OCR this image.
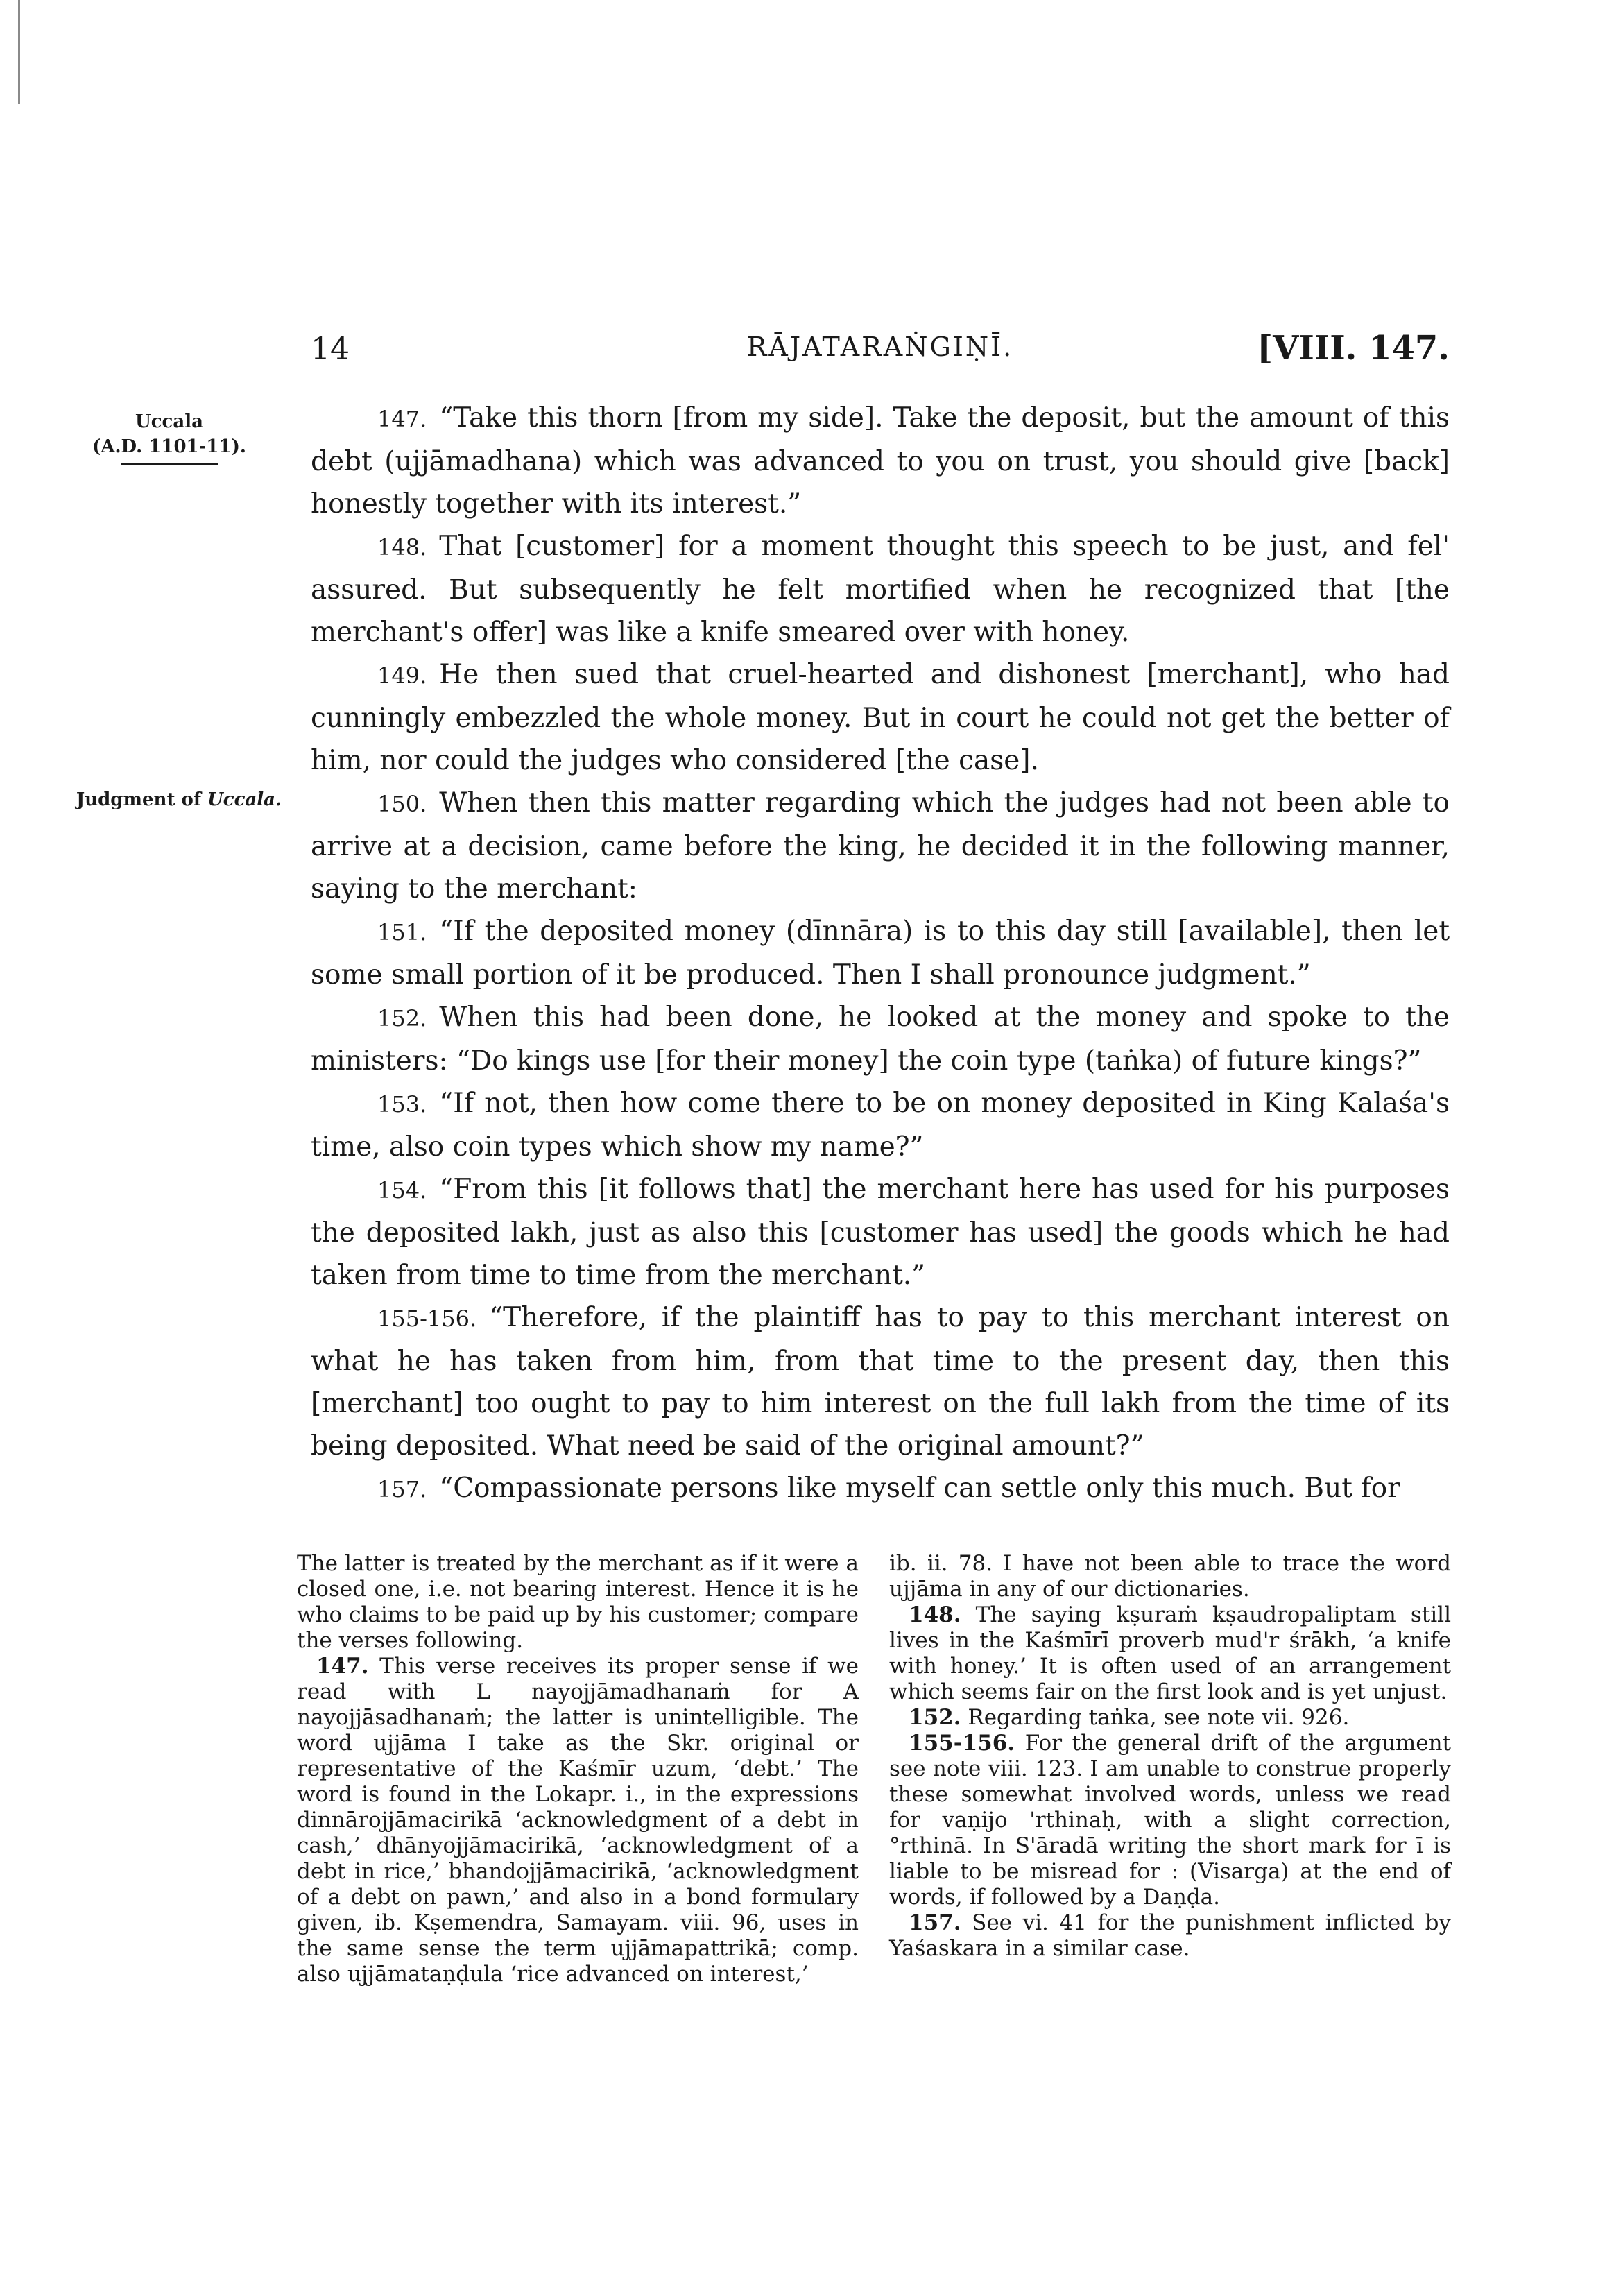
14	RĀJATARAṄGIṆĪ.	[VIII. 147.
Uccala
(A.D. 1101-11).
Judgment of Uccala.

147. “Take this thorn [from my side]. Take the deposit, but the amount of this debt (ujjāmadhana) which was advanced to you on trust, you should give [back] honestly together with its interest.”

148. That [customer] for a moment thought this speech to be just, and fel' assured. But subsequently he felt mortified when he recognized that [the merchant's offer] was like a knife smeared over with honey.

149. He then sued that cruel-hearted and dishonest [merchant], who had cunningly embezzled the whole money. But in court he could not get the better of him, nor could the judges who considered [the case].

150. When then this matter regarding which the judges had not been able to arrive at a decision, came before the king, he decided it in the following manner, saying to the merchant:

151. “If the deposited money (dīnnāra) is to this day still [available], then let some small portion of it be produced. Then I shall pronounce judgment.”

152. When this had been done, he looked at the money and spoke to the ministers: “Do kings use [for their money] the coin type (taṅka) of future kings?”

153. “If not, then how come there to be on money deposited in King Kalaśa's time, also coin types which show my name?”

154. “From this [it follows that] the merchant here has used for his purposes the deposited lakh, just as also this [customer has used] the goods which he had taken from time to time from the merchant.”

155-156. “Therefore, if the plaintiff has to pay to this merchant interest on what he has taken from him, from that time to the present day, then this [merchant] too ought to pay to him interest on the full lakh from the time of its being deposited. What need be said of the original amount?”

157. “Compassionate persons like myself can settle only this much. But for

The latter is treated by the merchant as if it were a closed one, i.e. not bearing interest. Hence it is he who claims to be paid up by his customer; compare the verses following.

147. This verse receives its proper sense if we read with L nayojjāmadhanaṁ for A nayojjāsadhanaṁ; the latter is unintelligible. The word ujjāma I take as the Skr. original or representative of the Kaśmīr uzum, ‘debt.’ The word is found in the Lokapr. i., in the expressions dinnārojjāmacirikā ‘acknowledgment of a debt in cash,’ dhānyojjāmacirikā, ‘acknowledgment of a debt in rice,’ bhandojjāmacirikā, ‘acknowledgment of a debt on pawn,’ and also in a bond formulary given, ib. Kṣemendra, Samayam. viii. 96, uses in the same sense the term ujjāmapattrikā; comp. also ujjāmataṇḍula ‘rice advanced on interest,’

ib. ii. 78. I have not been able to trace the word ujjāma in any of our dictionaries.

148. The saying kṣuraṁ kṣaudropaliptam still lives in the Kaśmīrī proverb mud'r śrākh, ‘a knife with honey.’ It is often used of an arrangement which seems fair on the first look and is yet unjust.

152. Regarding taṅka, see note vii. 926.

155-156. For the general drift of the argument see note viii. 123. I am unable to construe properly these somewhat involved words, unless we read for vaṇijo 'rthinaḥ, with a slight correction, °rthinā. In S'āradā writing the short mark for ī is liable to be misread for : (Visarga) at the end of words, if followed by a Daṇḍa.

157. See vi. 41 for the punishment inflicted by Yaśaskara in a similar case.
